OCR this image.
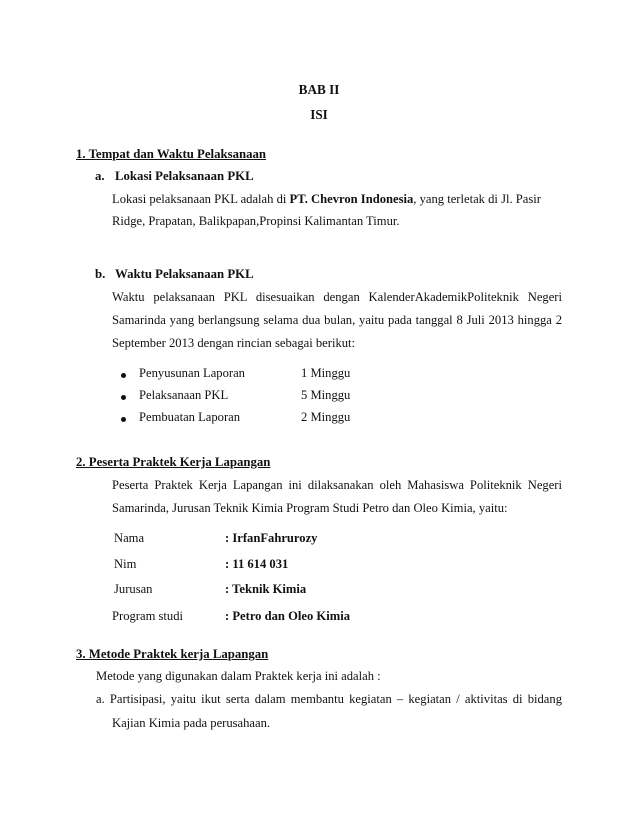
BAB II
ISI
1. Tempat dan Waktu Pelaksanaan
a. Lokasi Pelaksanaan PKL
Lokasi pelaksanaan PKL adalah di PT. Chevron Indonesia, yang terletak di Jl. Pasir
Ridge, Prapatan, Balikpapan,Propinsi Kalimantan Timur.
b. Waktu Pelaksanaan PKL
Waktu pelaksanaan PKL disesuaikan dengan KalenderAkademikPoliteknik Negeri
Samarinda yang berlangsung selama dua bulan, yaitu pada tanggal 8 Juli 2013 hingga 2
September 2013 dengan rincian sebagai berikut:
Penyusunan Laporan	1 Minggu
Pelaksanaan PKL	5 Minggu
Pembuatan Laporan	2 Minggu
2. Peserta Praktek Kerja Lapangan
Peserta Praktek Kerja Lapangan ini dilaksanakan oleh Mahasiswa Politeknik Negeri
Samarinda, Jurusan Teknik Kimia Program Studi Petro dan Oleo Kimia, yaitu:
Nama	: IrfanFahrurozy
Nim	: 11 614 031
Jurusan	: Teknik Kimia
Program studi	: Petro dan Oleo Kimia
3. Metode Praktek kerja Lapangan
Metode yang digunakan dalam Praktek kerja ini adalah :
a. Partisipasi, yaitu ikut serta dalam membantu kegiatan – kegiatan / aktivitas di bidang
Kajian Kimia pada perusahaan.
